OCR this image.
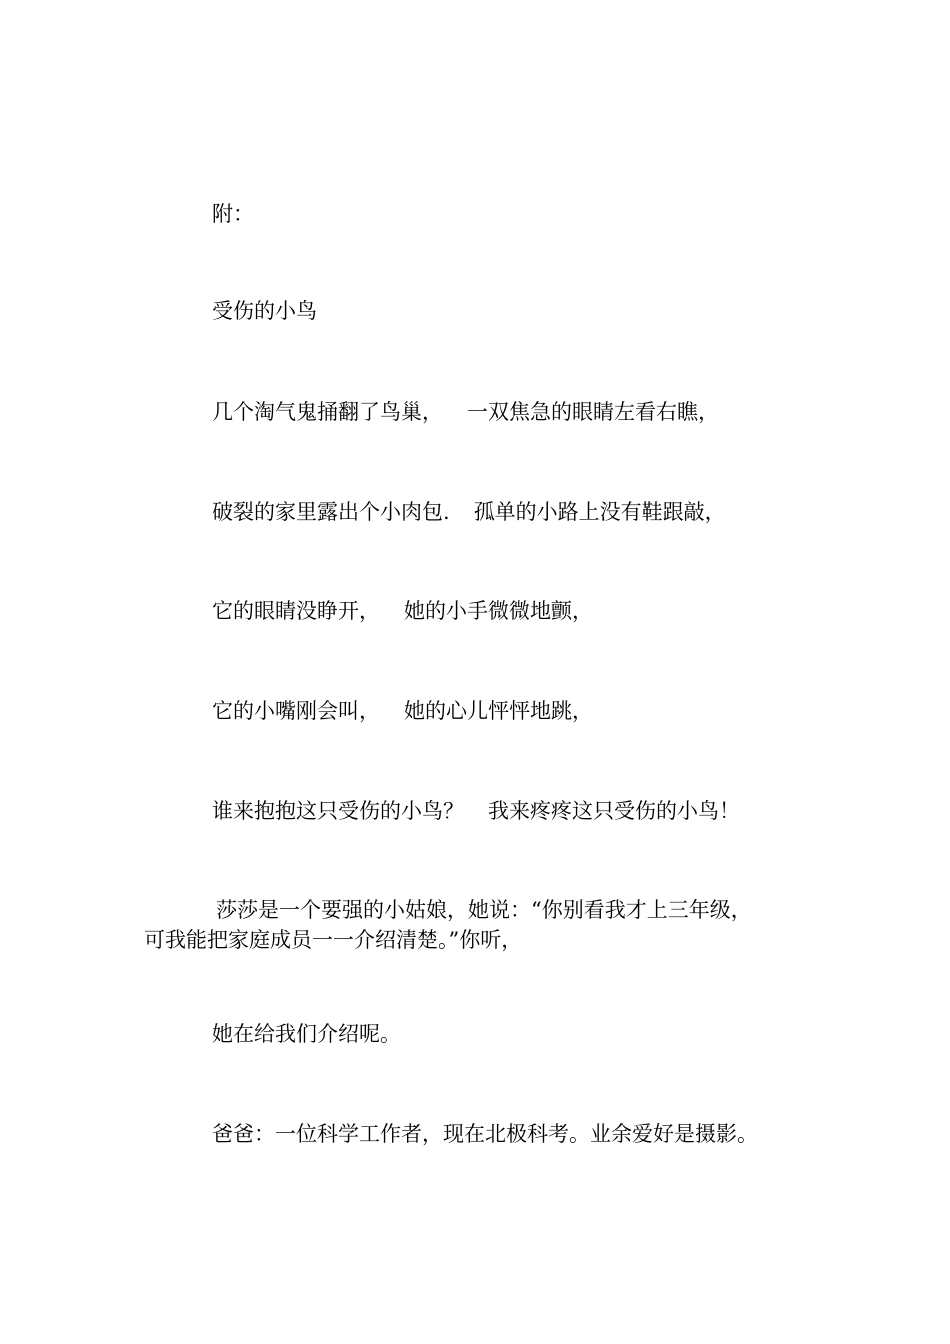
附：

受伤的小鸟

几个淘气鬼捅翻了鸟巢， 一双焦急的眼睛左看右瞧，

破裂的家里露出个小肉包. 孤单的小路上没有鞋跟敲，

它的眼睛没睁开， 她的小手微微地颤，

它的小嘴刚会叫， 她的心儿怦怦地跳，

谁来抱抱这只受伤的小鸟？ 我来疼疼这只受伤的小鸟！

莎莎是一个要强的小姑娘，她说：“你别看我才上三年级，
可我能把家庭成员一一介绍清楚。”你听，

她在给我们介绍呢。

爸爸：一位科学工作者，现在北极科考。业余爱好是摄影。
